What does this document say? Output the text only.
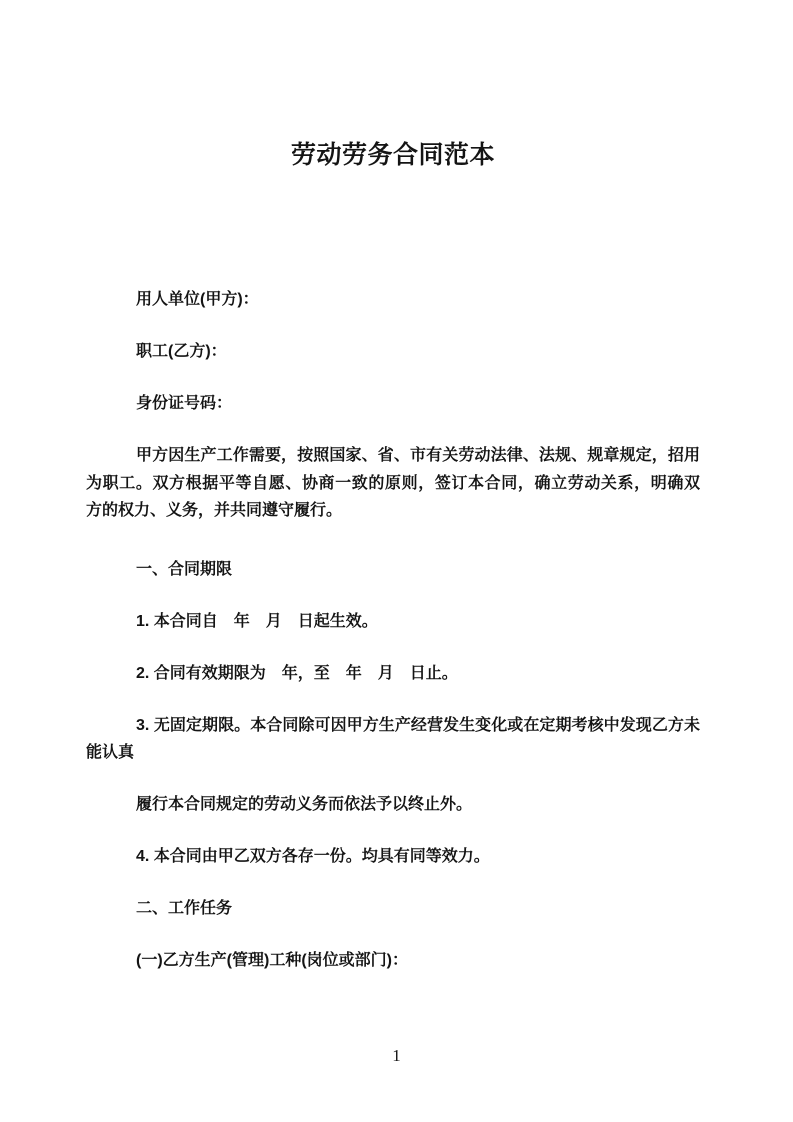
劳动劳务合同范本

用人单位(甲方)：

职工(乙方)：

身份证号码：

甲方因生产工作需要，按照国家、省、市有关劳动法律、法规、规章规定，招用
为职工。双方根据平等自愿、协商一致的原则，签订本合同，确立劳动关系，明确双
方的权力、义务，并共同遵守履行。

一、合同期限

1. 本合同自　年　月　日起生效。

2. 合同有效期限为　年，至　年　月　日止。

3. 无固定期限。本合同除可因甲方生产经营发生变化或在定期考核中发现乙方未
能认真

履行本合同规定的劳动义务而依法予以终止外。

4. 本合同由甲乙双方各存一份。均具有同等效力。

二、工作任务

(一)乙方生产(管理)工种(岗位或部门)：

1
